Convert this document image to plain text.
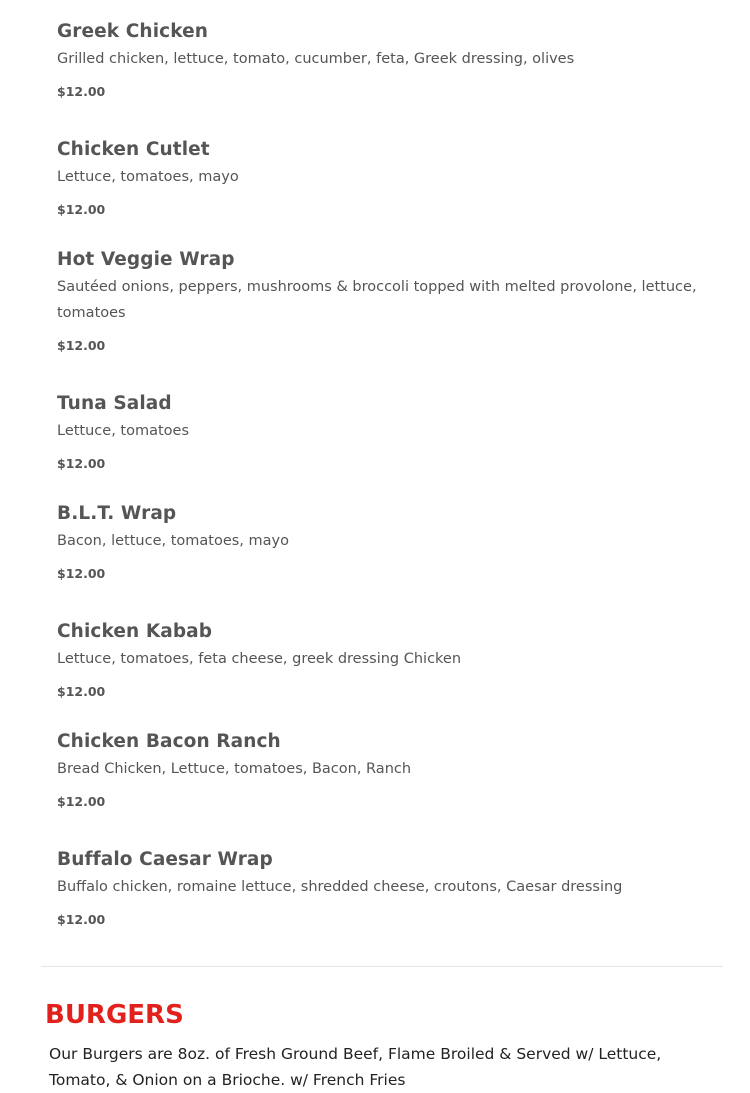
Greek Chicken
Grilled chicken, lettuce, tomato, cucumber, feta, Greek dressing, olives
$12.00
Chicken Cutlet
Lettuce, tomatoes, mayo
$12.00
Hot Veggie Wrap
Sautéed onions, peppers, mushrooms & broccoli topped with melted provolone, lettuce, tomatoes
$12.00
Tuna Salad
Lettuce, tomatoes
$12.00
B.L.T. Wrap
Bacon, lettuce, tomatoes, mayo
$12.00
Chicken Kabab
Lettuce, tomatoes, feta cheese, greek dressing Chicken
$12.00
Chicken Bacon Ranch
Bread Chicken, Lettuce, tomatoes, Bacon, Ranch
$12.00
Buffalo Caesar Wrap
Buffalo chicken, romaine lettuce, shredded cheese, croutons, Caesar dressing
$12.00
BURGERS
Our Burgers are 8oz. of Fresh Ground Beef, Flame Broiled & Served w/ Lettuce, Tomato, & Onion on a Brioche. w/ French Fries
